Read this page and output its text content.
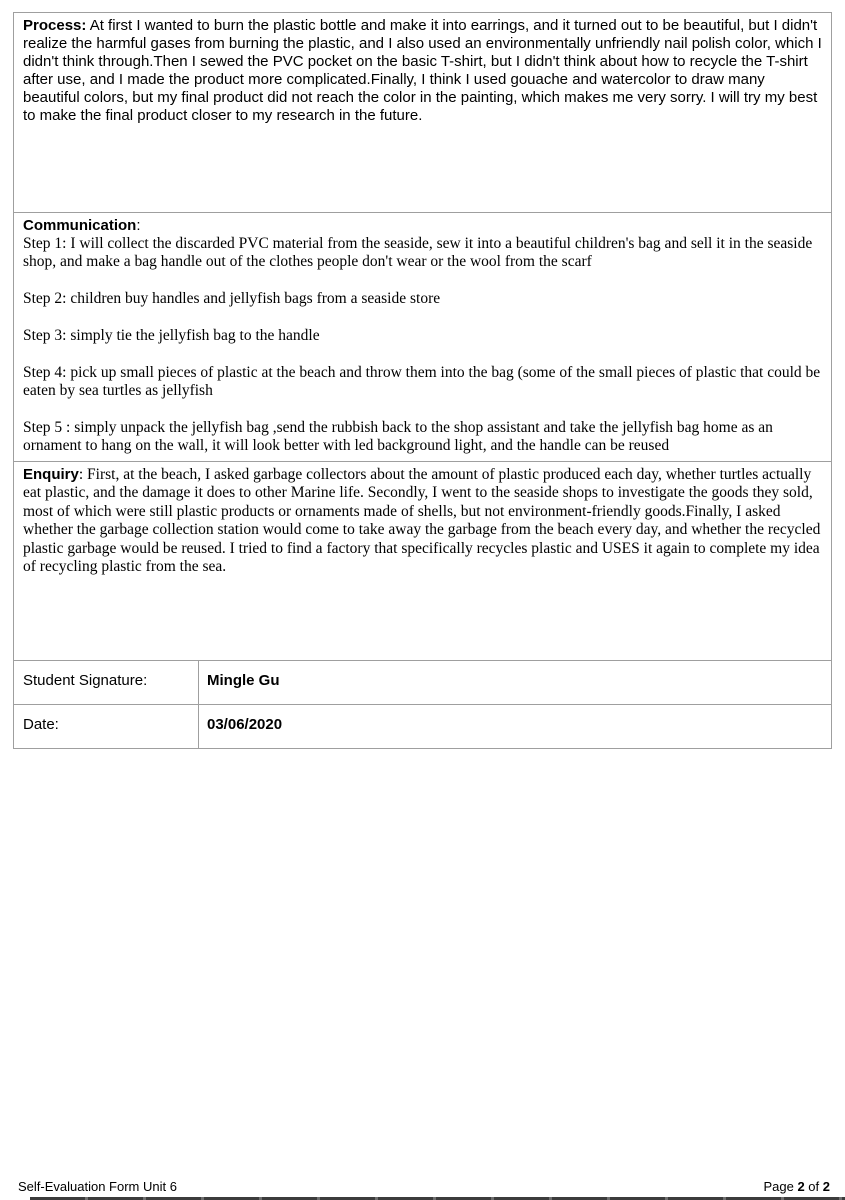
Process: At first I wanted to burn the plastic bottle and make it into earrings, and it turned out to be beautiful, but I didn't realize the harmful gases from burning the plastic, and I also used an environmentally unfriendly nail polish color, which I didn't think through.Then I sewed the PVC pocket on the basic T-shirt, but I didn't think about how to recycle the T-shirt after use, and I made the product more complicated.Finally, I think I used gouache and watercolor to draw many beautiful colors, but my final product did not reach the color in the painting, which makes me very sorry. I will try my best to make the final product closer to my research in the future.
Communication:

Step 1: I will collect the discarded PVC material from the seaside, sew it into a beautiful children's bag and sell it in the seaside shop, and make a bag handle out of the clothes people don't wear or the wool from the scarf

Step 2: children buy handles and jellyfish bags from a seaside store

Step 3: simply tie the jellyfish bag to the handle

Step 4: pick up small pieces of plastic at the beach and throw them into the bag (some of the small pieces of plastic that could be eaten by sea turtles as jellyfish

Step 5 : simply unpack the jellyfish bag ,send the rubbish back to the shop assistant and take the jellyfish bag home as an ornament to hang on the wall, it will look better with led background light, and the handle can be reused

Enquiry: First, at the beach, I asked garbage collectors about the amount of plastic produced each day, whether turtles actually eat plastic, and the damage it does to other Marine life. Secondly, I went to the seaside shops to investigate the goods they sold, most of which were still plastic products or ornaments made of shells, but not environment-friendly goods.Finally, I asked whether the garbage collection station would come to take away the garbage from the beach every day, and whether the recycled plastic garbage would be reused. I tried to find a factory that specifically recycles plastic and USES it again to complete my idea of recycling plastic from the sea.
Student Signature:	Mingle Gu
Date:	03/06/2020
Self-Evaluation Form Unit 6	Page 2 of 2
